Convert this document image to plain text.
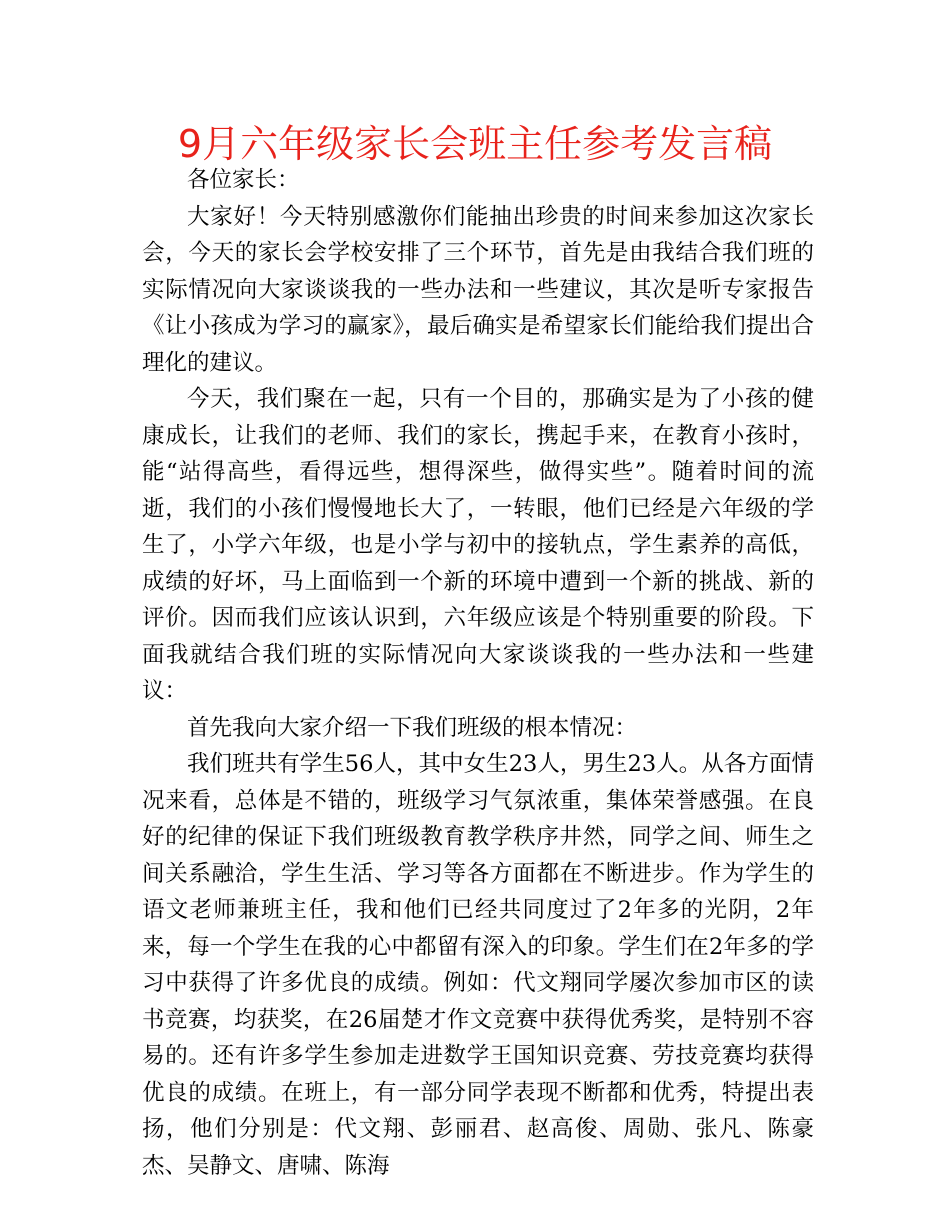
9月六年级家长会班主任参考发言稿

各位家长：

大家好！今天特别感激你们能抽出珍贵的时间来参加这次家长会，今天的家长会学校安排了三个环节，首先是由我结合我们班的实际情况向大家谈谈我的一些办法和一些建议，其次是听专家报告《让小孩成为学习的赢家》，最后确实是希望家长们能给我们提出合理化的建议。

今天，我们聚在一起，只有一个目的，那确实是为了小孩的健康成长，让我们的老师、我们的家长，携起手来，在教育小孩时，能“站得高些，看得远些，想得深些，做得实些”。随着时间的流逝，我们的小孩们慢慢地长大了，一转眼，他们已经是六年级的学生了，小学六年级，也是小学与初中的接轨点，学生素养的高低，成绩的好坏，马上面临到一个新的环境中遭到一个新的挑战、新的评价。因而我们应该认识到，六年级应该是个特别重要的阶段。下面我就结合我们班的实际情况向大家谈谈我的一些办法和一些建议：

首先我向大家介绍一下我们班级的根本情况：

我们班共有学生56人，其中女生23人，男生23人。从各方面情况来看，总体是不错的，班级学习气氛浓重，集体荣誉感强。在良好的纪律的保证下我们班级教育教学秩序井然，同学之间、师生之间关系融洽，学生生活、学习等各方面都在不断进步。作为学生的语文老师兼班主任，我和他们已经共同度过了2年多的光阴，2年来，每一个学生在我的心中都留有深入的印象。学生们在2年多的学习中获得了许多优良的成绩。例如：代文翔同学屡次参加市区的读书竞赛，均获奖，在26届楚才作文竞赛中获得优秀奖，是特别不容易的。还有许多学生参加走进数学王国知识竞赛、劳技竞赛均获得优良的成绩。在班上，有一部分同学表现不断都和优秀，特提出表扬，他们分别是：代文翔、彭丽君、赵高俊、周勋、张凡、陈豪杰、吴静文、唐啸、陈海
